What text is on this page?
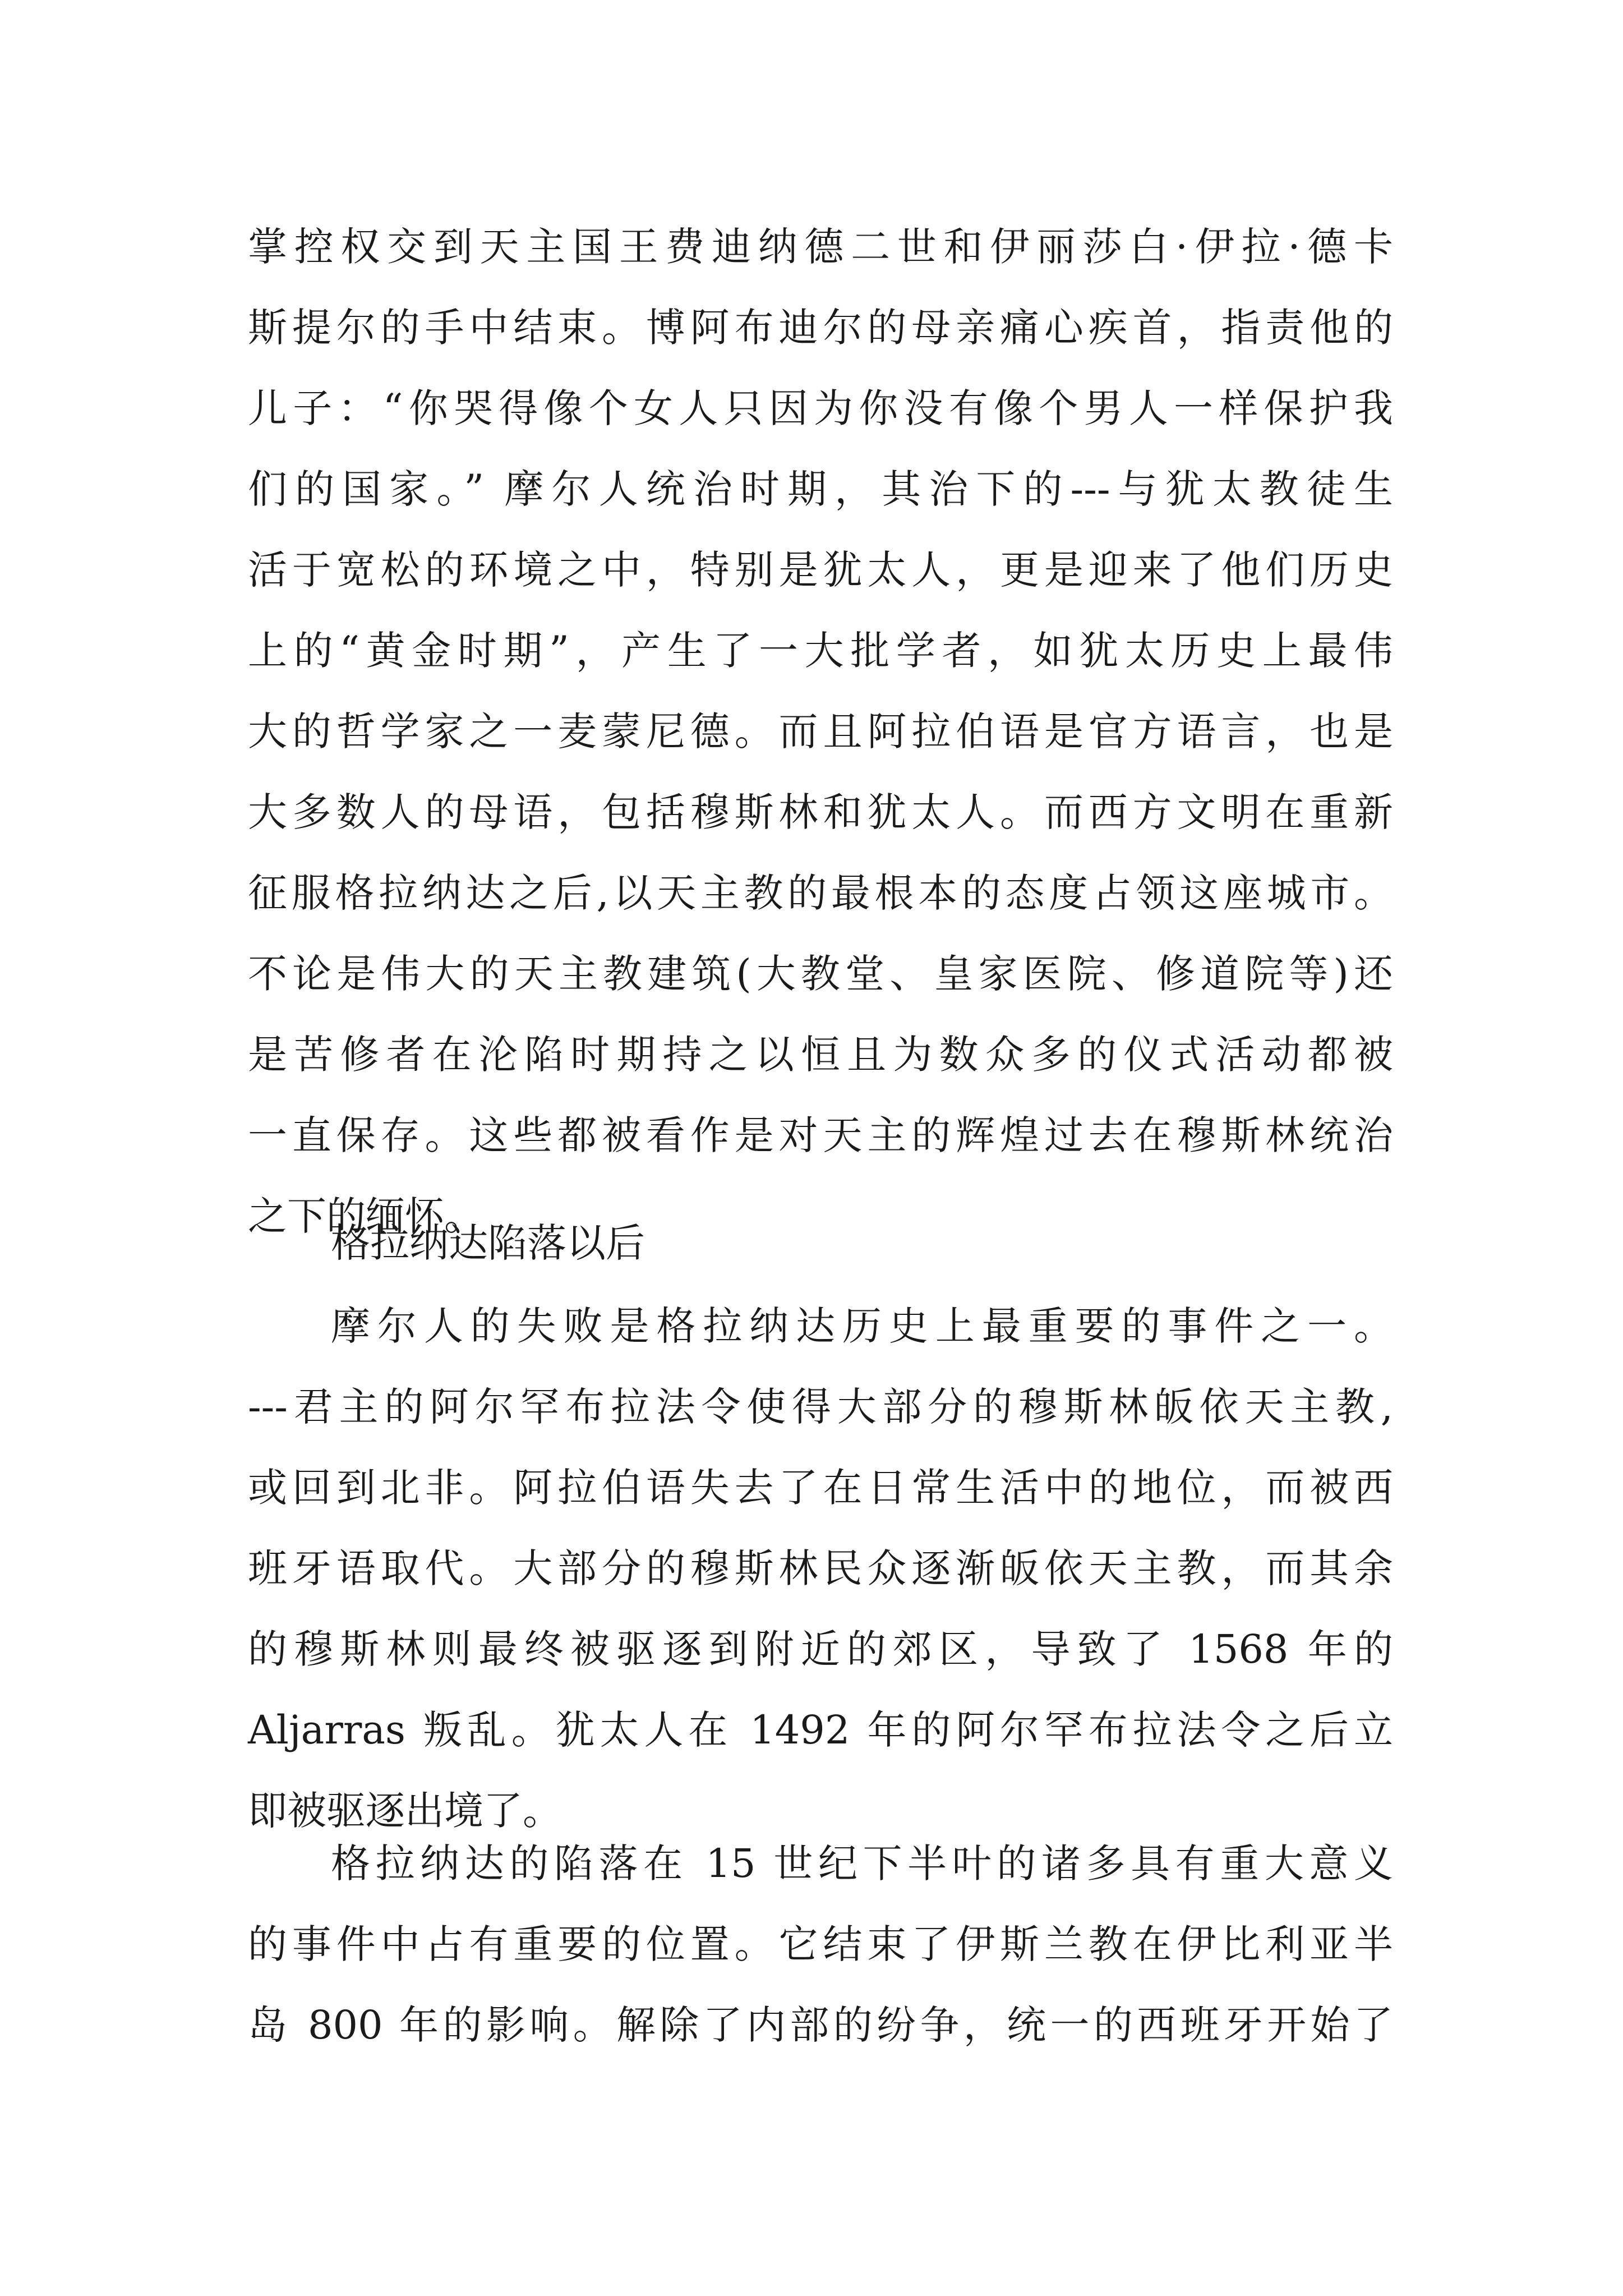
掌控权交到天主国王费迪纳德二世和伊丽莎白·伊拉·德卡
斯提尔的手中结束。博阿布迪尔的母亲痛心疾首，指责他的
儿子：“你哭得像个女人只因为你没有像个男人一样保护我
们的国家。” 摩尔人统治时期，其治下的---与犹太教徒生
活于宽松的环境之中，特别是犹太人，更是迎来了他们历史
上的“黄金时期”，产生了一大批学者，如犹太历史上最伟
大的哲学家之一麦蒙尼德。而且阿拉伯语是官方语言，也是
大多数人的母语，包括穆斯林和犹太人。而西方文明在重新
征服格拉纳达之后,以天主教的最根本的态度占领这座城市。
不论是伟大的天主教建筑(大教堂、皇家医院、修道院等)还
是苦修者在沦陷时期持之以恒且为数众多的仪式活动都被
一直保存。这些都被看作是对天主的辉煌过去在穆斯林统治
之下的缅怀。
格拉纳达陷落以后
摩尔人的失败是格拉纳达历史上最重要的事件之一。
---君主的阿尔罕布拉法令使得大部分的穆斯林皈依天主教,
或回到北非。阿拉伯语失去了在日常生活中的地位，而被西
班牙语取代。大部分的穆斯林民众逐渐皈依天主教，而其余
的穆斯林则最终被驱逐到附近的郊区，导致了 1568 年的
Aljarras 叛乱。犹太人在 1492 年的阿尔罕布拉法令之后立
即被驱逐出境了。
格拉纳达的陷落在 15 世纪下半叶的诸多具有重大意义
的事件中占有重要的位置。它结束了伊斯兰教在伊比利亚半
岛 800 年的影响。解除了内部的纷争，统一的西班牙开始了
